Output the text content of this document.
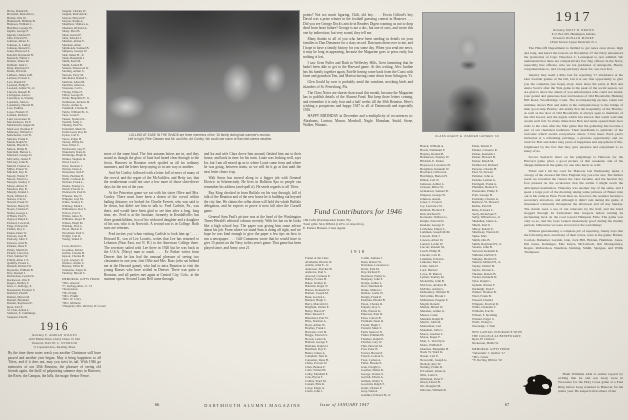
Howe, Donald R.
Howland, Malcolm G.
Hoxsie, Otis W.
Hunnewell, Hillman B.
Huntoon, William C.
Hutchins, George W.
Ingalls, George F.
Ingram, Charles H.
Jahn, Edward W.
Johnson, Albert E.
Johnson, A. LeRoy
Johnson, Russell C.
Jones, Horwood S.
Kendall, Raymond H.
Kennedy, Walter J.
Killeen, James M.
Kimball, John C.
King, Raymond T.
Kinne, David R.
LaBarre, James LeB.
Lamson, Everett C.
Law, Donald E.
Learned, Philip F.
Leonard, Arthur W., Jr.
Lincoln, Russell B.
Livingston, Alan C.
Llewellyn, A. Stanley
Lonsdale, John G.
Lounsbury, Harold H.
Low, Pauline
Lowe, Frederic P.
Ludden, Richard
Lunt, Grosvenor D.
MacAndrews, Ed F.
MacDonald, Angus M.
MacLeod, Norman F.
Mahoney, William C.
Manchester, Carl H.
Marden, Frank E.
Marsh, Ralph W.
Martin, Harold S.
Mason, Philip B.
Maxfield, Burton L.
Maynard, George D.
McCarthy, James F.
McClary, John B.
Merrill, Chester A.
Miller, Ernest W.
Mitchell, Roy D.
Moody, Walter F.
Moore, Edwin G.
Morgan, Stanley T.
Morse, Albert N.
Moulton, Ray B.
Murphy, Daniel J.
Nash, Willard K.
Nelson, Carl O.
Newell, Frank W.
Nichols, Henry B.
Noyes, Charles E.
Nutter, George L.
O'Brien, Paul V.
Osgood, Ralph E.
Packard, Lewis M.
Paige, Edward R.
Palmer, Roy C.
Parker, Dean W.
Parsons, Guy H.
Peabody, John T.
Pearson, Axel B.
Perkins, Dana F.
Perley, Martin D.
Pickett, Carroll A.
Pratt, Sumner W.
Priddy, Allan J. F.
Quimby, Ernest L.
Reddall, Richard W.
Reynolds, William B.
Rice, Russell J.
Richardson, Gerald K.
Rockwood, Otis P.
Rogers, Dudley T.
Ross, C. Kellogg, Jr.
Rosenstein, Frederic S.
Rothbart, Paul B.
Rudner, Myron M.
Russell, Burnham
Russell, Raymond E.
Ryan, Earl F.
St. Clair, Arthur L.
Sanborn, E. Cummings
Sargeant, Paul R.
Sargent, Charles W.
Sargent, Malcolm R.
Sawyer, Howard F.
Sawyer, Ralph A.
Shambow, Wallace A.
Shannon, Richard A.
Sharp, Eliot B.
Shaw, Gerard F.
Slate, Edward J.
Sheldon, Arthur E.
Sherman, Allen
Simmonds, Samuel B.
Simpson, George W.
Sisk, James H., Jr.
Slade, Benjamin J.
Smith, Kent M.
Smith, Leland B.
Somers, Sherwood O.
Sterling, Arthur S.
Stevens, Perry M.
Strickland, Daniel L.
Sullivan, Alfred B.
Sutcliffe, Albert A.
Swanson, Carl L.
Thying, Elmer F.
Tilton, George B.
Tobin, Benjamin F., Jr.
Tomlinson, Andrew H.
Towle, Arthur A.
Trumbull, Charles H.
Tubbs, William B., Jr.
Tuck, Louis F.
Tusten, Spofford L.
Tyndall, Selig C.
Tinning, Paul W.
Underhill, Mark W.
Underwood, Roy M.
Upton, Carl E.
Vance, Edgar H.
Varney, Philip M.
Vose, Elliot C.
Wadsworth, Guy F.
Wakefield, Dana R.
Walbridge, Hugh D.
Walker, Stephen D.
Ward, Leon C.
Ware, Norman J.
Warren, Dean A.
Waterman, Seth F.
Watts, Herman B.
Webb, Carleton R.
Webster, Frank L.
Weeks, Stanley G.
Welch, Francis X.
Wentworth, Paul D.
Wheeler, Ray N.
Whipple, Guy M.
White, Stanley E.
Whitney, Mark L.
Whittemore, Roy S.
Wilcox, Earl S.
Wilder, Amos N.
Williams, Roger B.
Wilson, Hugh M.
Winship, Fred C.
Wood, Harlan P.
Woodman, Paul S.
Wright, Carl D.
Young, Walter E.
Cross, Robert L.
Goodhue, Robert
Griffin, Charles B.
Jepson, Charles H.
Lyon, Gregory O.
Wallace, Arthur C.
Bonney, Willis B.
Schneider, Edgar D.
Tuxbury, Harold S.
MEMORIAL GIFTS FROM:
*Mrs. Atwood
*C. Kellogg Ross, Jr. '13
*Anonymous
*Mr. Priddy
*Mrs. Priddy
*Mrs. W. Crary
*Mrs. Williams
*Daughter, Mrs. Patricia W. Cronin
LOLLING AT EASE IN THE SHADE are three members of the '16 family during last summer's reunion.
Left to right, Pete Classen and Mr. and Mrs. Art Conley. We could use some of that shirt-sleeve weather.

more of the same kind. The first autumn letters are in, and they sound as though the glow of June had lasted clear through to the frosts. Hanover in Reunion week spoiled us all for ordinary summers, and the letters keep saying so in one way or another.

And Art Conley followed with a letter full of news of many of the crowd, and the regret of the McAuliffes, and Betty too, that the weatherman could not save a few more of those shirt-sleeve days for the rest of the year.

At the Princeton game we sat with his sister Olive and Mrs. Conley. There must have been a dozen of the crowd within hailing distance; we looked for Charlie Everett, who was said to be down, but didn't see him to talk to. Fred Carlisle, Pa., was there, and would have been glad to see him after a long, long time, etc. Fred is at the Institute, formerly in Kendallville; has three grandchildren, two of his widowed daughter and a daughter of his son, who is in Norwich. A second son is in College. Both sons are veterans.

Fred invites you 'when visiting Carlisle to look him up.' . . . . Howard R., son of Lee Loavits, writes that Lee has returned to Lebanon (Near East, not N. H.) to the American College there. The secretary sailed with Lee there in 1920 but he was back in the U.S.A. (Navy) man to south. . . . Ev Parker writes from Denver that he has had the unusual pleasure of seeing two classmates in one year, first Ollie and Mrs. Russ (who sat behind me at the Harvard game), who had to miss Reunion to visit the young Russes who have settled in Denver. There was quite a Reunion, and all parties met again at Central City, Colo., at the summer opera. Second Louis Bell came through.

and Ira and wife Clara drove him around, flashed him out to their house, and back in time for his train. Louie was looking well, says Ira, but I am all mixed up as to where Louie came from and where he was going, between trains, so we will let it go at that until the next letter clears it up.

Walt Snow has moved along to a bigger job with General Electric in Schenectady. He lives in Ballston Spa so people can remember his address (and spell it). He sends regards to all '16ers.

Ray King checked in from Buffalo on his way through, full of talk of the Reunion and of the new house he is building out beyond the city line. He claims the cellar alone will hold the whole Buffalo delegation, and he expects to prove it next fall after the Cornell game.

General Sam Paul's picture was at the head of the Washington Times-Herald's editorial column recently. With his hat on he looks like a high school boy. The paper was giving him some advice about his job. From where we stand Sam is doing all right, and we hope he was kind enough to give the paper a few tips on how to run a newspaper. . . . Giff Commons wrote that he would have to give 15 points on the Navy in this year's game. That game has been played since, and Army won 21

1916
Secretary, F. ADRIAN WILKES
4291 Blaine Drive, Chevy Chase 15, Md.
Treasurer, DAVID S. WINDSOR
11 Copeland Ave., Reading, Mass.

By the time these notes reach you another Christmas will have passed and another year begun. May it bring happiness to all '16ers, and if it does not, may you twist its tail. With 1946 go memories of our 30th Reunion, the pleasure of seeing old friends again, the thrill of palpitating summer days in Hanover, the River, the Campus, the hills, the magic Senior Fence.

66	DARTMOUTH ALUMNI MAGAZINE

points? Not too much figuring, Chili, old boy. . . . Erwin Gifford's boy David was a prize winner in the football guessing contest in Hanover. . . . Did you see George Dock's article in Readers Digest warning us not to drop dead from heart failure? George is not a doc, but one of ours, and wrote this one by indirection; but very sound, they tell me.

Many thanks to all of you who have been sending in details on your families to Dan Dinsmore for a class record. Dan turns them over to me, and I hope to have a family history for you some day. When you send me news, it may be long in appearing, because the Magazine goes to press early, but nothing is lost.

I saw Gren Fuller and Ruth in Wellesley Hills, Gren lamenting that he hadn't been able to get to the Harvard game. At this writing, Alec Jardine has his family together again, Estelle having come back from the Coast with Janet and grandson Tim, and Marion having come down from Arlington, Vt.

Glen Gould by now is probably amid the sunshine, mocking birds and islanders of St. Petersburg, Fla.

The Class Notes are shorter than usual this month, because the Magazine has to publish details of the Alumni Fund. But keep those letters coming, and remember it is only four and a half weeks till the 30th Reunion. Here's wishing a prosperous and happy 1947 to all of Dartmouth and especially 1916.

HAPPY BIRTHDAY in December and a multiplicity of occurrences to: Abrahams, Lawton, Mason, Marshall, Nagle, Monahan, Studd, Stone, Walker, Winants.

Fund Contributors for 1946
189 Gifts (Participation Index 70).
Total gifts: $12,308.64 (110% of objective).
E. Parker Hateen, Class Agent.
1918
Friend of the Class
Abrahams, Horton W.
Adams, John E., Jr.
Anderson, Fletcher B.
Andrews, Paul S.
Atwood, Carleton E.
Bailey, Forrest H.
Baker, Stanley R.
Baldwin, Roger N.
Barnes, Kenneth W.
Bartlett, Joseph M.
Bean, Gordon L.
Bennett, Hugh C.
Berry, Malcolm D.
Bingham, Walter E.
Bixby, Harold F.
Blair, Russell T.
Blanchard, Earl W.
Bliss, Norman A.
Boyd, Arthur W.
Bradley, Frank J.
Brewster, Carl H.
Briggs, Edward S.
Brown, Lester R.
Bullard, George F.
Burbank, Ralph O.
Burnham, Roy E.
Butler, James A.
Campbell, Neil D.
Carpenter, Dana B.
Chase, Everett W.
Clark, Benton F.
Cobb, Willard H.
Colby, Marshall E.
Cole, Byron T.
Collins, Ward M.
Conant, Ellis R.
Corey, Edgar A.
Curtis, John J.
Coffin, Samuel J.
Dana, Robert W.
Davidson, Lawrence L.
Davis, Paul M.
Day, Richard E.
Dearborn, Walter G.
Dempsey, John F.
Dodge, Arthur L.
Dow, Sherman R.
Drake, Milton C.
Dunbar, Leslie W.
Durgin, Frank P.
Eastman, Harold B.
Eaton, Charles R.
Edgerly, Roy S.
Ellis, Warren K.
Emerson, Paul D.
Estes, Carroll B.
Farnham, Dean R.
Farrell, Hugh J.
Fernald, Mark T.
Field, Spencer N.
Fisher, Edmund B.
Flanders, Ralph E.
Fletcher, Guy W.
Flint, Howard M.
Foss, Peter B.
Fowler, Burton P.
French, Conrad S.
Frost, Lyman A.
Fuller, Brooks E.
Gale, Dwight L.
Gardner, Hollis R.
George, Vernon S.
Gerrish, Edwin A.
Gilman, Walter S.
Goodwin, Ralph T.
Grant, Charles F.
Gray, Nelson
Gauthier, Edward H., Jr.
CLASS AGENT E. PARKER HATEEN '16
Hauck, William A.
Harris, Nathaniel P.
Haynes, Roland B.
Henderson, Stanley W.
Hildreth, E. Parker
Hopwood, Lawrence H.
Houghton, Kenneth W.
Howland, Clifford A.
Hutchings, Burton H.
Illman, Carl N.
Jameson, Arthur L.
Jackson, Minot W.
Jermanson, Samuel B.
Jimpson, George W.
Johnson, Austin
Jones, C. Everett
Joy, Lawrence W.
Kimball, Herbert E.
Kirk, Richard E.
Kornedar, Wallace G.
Knight, Edward D.
Kuelder, George P.
LaVienne, Emery L.
Lammen, Joseph McM.
Lawson, Park J.
Lawton, Albert D.
Lanciel, Leslie W.
Larcott, Russell M.
Leach, Philip H.
Lincoln, Carl R.
Lindman, Edwin L.
Linfelter, Dan L.
Little, John D.
Lord, Herbert
Lowe, H. Burton
Lyman, Stanley M.
McAuliffe, John B.
McClave, Andrew B.
McFalls, Adrian L.
McKenney, William H.
McCollins, Hiram J.
McKinnon, Eugene F.
Magill, Ronald
Markle, Hiram W.
Marsden, Arthur G.
Mason, Caleb
Mendall, Ralph B.
Merritt, John M.
Motterman, Carl
Monahan, John C.
Morse, Gardner L.
Morse, Roger F.
Mott, C. Van Wyck
Motts, William F.
Moulton, Benjamin H.
Nash, W. Ward D.
Nason, Carl E.
Newcomb, Joseph G.
Nichols, Roy W.
Nutting, Frank D.
O'Connell, James A.
Ollis, Lolin S.
Olmstead, Peter F.
Olson, David B.
Orr, Douglas M.
Osborne, William B.
Paine, Dexter F.
Palmer, Clarence R.
Parker, Kenneth J.
Parker, Howard B.
Parker, Ralph M.
Peddlecord, Richard
Parsons, Charles H.
Paul, W. Stewart
Pelletier, John A.
Perkins, Lyman G.
Pettingell, Frank G.
Plummer, Benton V.
Pomerantz, Philip E.
Pratt, George H.
Podolsky, Chester A.
Renfrew, W. Howard
Richie, Paul M.
Riley, Edward C.
Seely, Roderique F.
Selby, Wilberforce, Jr.
Shanahan, James A.
Shield, Karl E.
Shirey, Robert E.
Shumway, Warren D.
Sipke, Max
Smith, Otis B.
Smith, Raymond H., Jr.
Stearns, John B.
Steward, Kenneth K.
Stillman, DeWitt S.
Stingley, Herbert E.
Stinson, Millard H., Jr.
Tapley, Gilbert H.
Taylor, Warren L.
Thomas, Robert B.
Tucker, Kenneth D.
Tyler, Ralph C.
Upham, Warner F.
Wadleigh, Paul F.
Walker, Thomas B.
Ward, Frank B.
Wessell, Donald
Whipple, Percival D.
White, Chandler T.
Williams, Earl K.
Wilson, F. Spalding
Wismer, Edgar S.
Wolff, Irving G.
Wooledge, J. Watt
NEW CAPITAL INSURANCE WITH THE COLLEGE AS BENEFICIARY:
Ryan, H. Clifford
Nickerson, Hollis W.
MEMORIAL GIFTS FROM:
*Alexander J. Jardine '17
*Mrs. Chase
*F. Sterling Willcox '16
1917
Secretary, MOTT B. BROWN
P. O. Box 595, Huntington, Indiana
Treasurer, RONALD MOORE
4 Park Terrace, Upper Montclair, N. J.

The Hist-Off Department is thrilled to get news once more, high and long, and here's the reason: on November 27 the Navy announced the promotion of Capt. Theodore C. Lonnquest to rear admiral. We understand that there are comparatively few flag officers in the Navy, especially line officers, who are not graduates of Annapolis. Hearty congratulations to, and a long and lusty cheer for, our own Ted.

January may seem a little late for reporting '17 attendance at the later football games of the fall, but it is our first opportunity to give you the complete (we hope) story. And, since the party at Bob and Anita Scott's after the Yale game is the peak of the social season, we are glad to show the others of you unfortunates who could not attend, your genial and generous host and hostess of Old Broadralm, Hunting Hill Road, Woodbridge, Conn. The accompanying picture, taken last summer, shows Bob and Anita at the companionway to the bridge of their good ship 'Bonita.' All testify that the hospitality of the 'Bonita,' as well as the door of Old Broadralm, is always open to members of the Old Guard, and the legion which has known that warm welcome awaits each fall. So many times have Bob and Anita opened their door wide to the class after the Yale game that the gathering has become a part of our cherished traditions. Their hearthside is symbolic of the welcome which awaits everywhere where '17ers meet. Each year's invitation is a refreshing privilege, a glorious opportunity; and we wish for Bob and Anita long years of happiness and enjoyment of life, brightened by the fact that they give pleasure and enjoyment to so many of us.

Soccer Seebert's letter on his pilgrimage to Hanover for the Harvard game gives a good picture of that weekend, and of his disappointment in the game, by one who knew so well:

'Ethel and I hit the road for Hanover last Wednesday under a canopy of the clearest fall New England day you ever saw. The further north we travelled the clearer the view became, and the heavier my foot pressed on the accelerator that the earlier I might reach the anticipated destination. Thursday was another day of the same, and I spent a large part of the morning taking some pictures of Baker Gile out at his camp in Etna. From then on, however, the weather became a secondary attraction, and although it didn't rain during the game, it threatened constantly throughout the afternoon and all day Sunday. The stands were a sea of tan raincoats by the half, and the band slogged through its formations like troopers before turning its enchanting back on the road toward Hampton Falls. The game was only so-so, and the boys looked moderately good during the muddy periods. Otherwise we were in town for the socializing.'

Without guaranteeing a complete job of reporting, Sunny says that the following men, and many of their wives, were at the game: Barber, Corriek, Duhamel, Garrish, Gile, Jack Hill, Holden, Hammon, Jones, Jim Jones, Kaminger, Mac Intyre, McCulloch, Jim Montgomery, Regan, Richardson, Sherman, Deming, Smith, Sprague, and Willis Thompson.

Hank Williams adds to earlier reports by writing that he and son Greg were in Worcester for the Holy Cross game at a Fuel Ring before Greg returned to Hanover for his junior year. He suspects that others of the

Issue of JANUARY 1947	67
